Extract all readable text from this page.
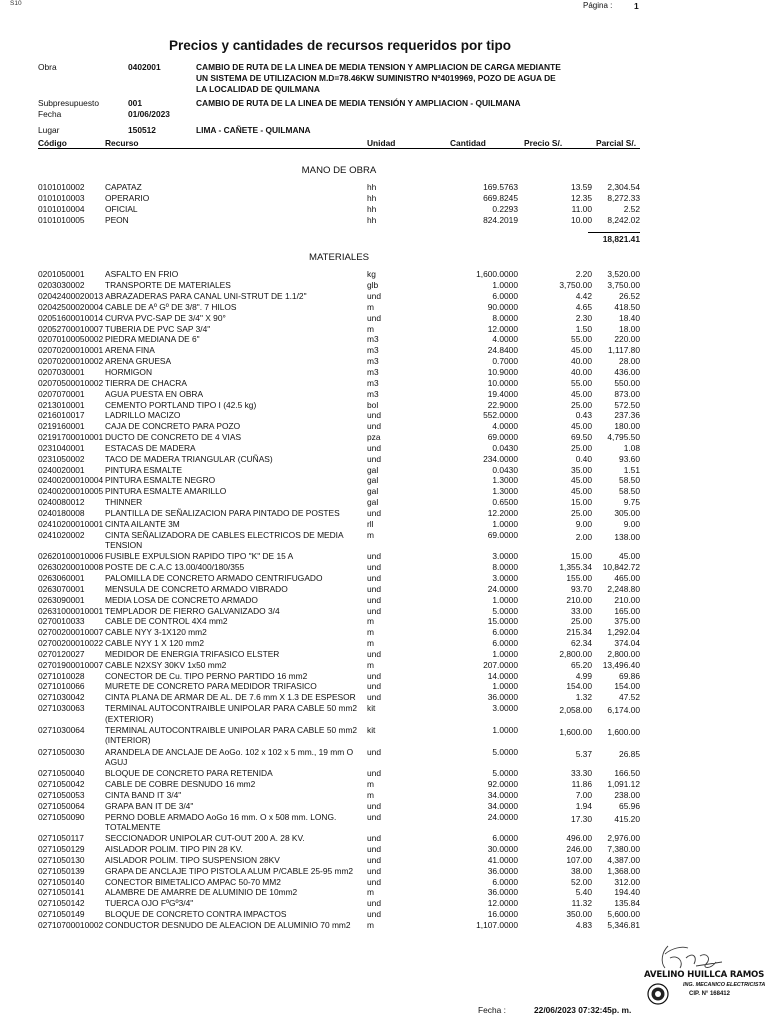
S10	Página :	1
Precios y cantidades de recursos requeridos por tipo
Obra	0402001	CAMBIO DE RUTA DE LA LINEA DE MEDIA TENSION Y AMPLIACION DE CARGA MEDIANTE UN SISTEMA DE UTILIZACION M.D=78.46KW SUMINISTRO Nº4019969, POZO DE AGUA DE LA LOCALIDAD DE QUILMANA
Subpresupuesto	001	CAMBIO DE RUTA DE LA LINEA DE MEDIA TENSIÓN Y AMPLIACION - QUILMANA
Fecha	01/06/2023
Lugar	150512	LIMA - CAÑETE - QUILMANA
Código	Recurso	Unidad	Cantidad	Precio S/.	Parcial S/.
MANO DE OBRA
0101010002	CAPATAZ	hh	169.5763	13.59 2,304.54
0101010003	OPERARIO	hh	669.8245	12.35 8,272.33
0101010004	OFICIAL	hh	0.2293	11.00	2.52
0101010005	PEON	hh	824.2019	10.00 8,242.02
18,821.41
MATERIALES
0201050001	ASFALTO EN FRIO	kg	1,600.0000	2.20 3,520.00
0203030002	TRANSPORTE DE MATERIALES	glb	1.0000	3,750.00 3,750.00
02042400020013 ABRAZADERAS PARA CANAL UNI-STRUT DE 1.1/2"	und	6.0000	4.42	26.52
02042500020004 CABLE DE Aº Gº DE 3/8". 7 HILOS	m	90.0000	4.65	418.50
02051600010014 CURVA PVC-SAP DE 3/4" X 90°	und	8.0000	2.30	18.40
02052700010007 TUBERIA DE PVC SAP 3/4"	m	12.0000	1.50	18.00
02070100050002 PIEDRA MEDIANA DE 6"	m3	4.0000	55.00	220.00
02070200010001 ARENA FINA	m3	24.8400	45.00 1,117.80
02070200010002 ARENA GRUESA	m3	0.7000	40.00	28.00
0207030001	HORMIGON	m3	10.9000	40.00	436.00
02070500010002 TIERRA DE CHACRA	m3	10.0000	55.00	550.00
0207070001	AGUA PUESTA EN OBRA	m3	19.4000	45.00	873.00
0213010001	CEMENTO PORTLAND TIPO I (42.5 kg)	bol	22.9000	25.00	572.50
0216010017	LADRILLO MACIZO	und	552.0000	0.43	237.36
0219160001	CAJA DE CONCRETO PARA POZO	und	4.0000	45.00	180.00
02191700010001 DUCTO DE CONCRETO DE 4 VIAS	pza	69.0000	69.50 4,795.50
0231040001	ESTACAS DE MADERA	und	0.0430	25.00	1.08
0231050002	TACO DE MADERA TRIANGULAR (CUÑAS)	und	234.0000	0.40	93.60
0240020001	PINTURA ESMALTE	gal	0.0430	35.00	1.51
02400200010004 PINTURA ESMALTE NEGRO	gal	1.3000	45.00	58.50
02400200010005 PINTURA ESMALTE AMARILLO	gal	1.3000	45.00	58.50
0240080012	THINNER	gal	0.6500	15.00	9.75
0240180008	PLANTILLA DE SEÑALIZACION PARA PINTADO DE POSTES	und	12.2000	25.00	305.00
02410200010001 CINTA AILANTE 3M	rll	1.0000	9.00	9.00
0241020002	CINTA SEÑALIZADORA DE CABLES ELECTRICOS DE MEDIA TENSION
m	69.0000	2.00	138.00
02620100010006 FUSIBLE EXPULSION RAPIDO TIPO "K" DE 15 A	und	3.0000	15.00	45.00
02630200010008 POSTE DE C.A.C 13.00/400/180/355	und	8.0000	1,355.34 10,842.72
0263060001	PALOMILLA DE CONCRETO ARMADO CENTRIFUGADO	und	3.0000	155.00	465.00
0263070001	MENSULA DE CONCRETO ARMADO VIBRADO	und	24.0000	93.70 2,248.80
0263090001	MEDIA LOSA DE CONCRETO ARMADO	und	1.0000	210.00	210.00
02631000010001 TEMPLADOR DE FIERRO GALVANIZADO 3/4	und	5.0000	33.00	165.00
0270010033	CABLE DE CONTROL 4X4 mm2	m	15.0000	25.00	375.00
02700200010007 CABLE NYY 3-1X120 mm2	m	6.0000	215.34 1,292.04
02700200010022 CABLE NYY 1 X 120 mm2	m	6.0000	62.34	374.04
0270120027	MEDIDOR DE ENERGIA TRIFASICO ELSTER	und	1.0000	2,800.00 2,800.00
02701900010007 CABLE N2XSY 30KV 1x50 mm2	m	207.0000	65.20 13,496.40
0271010028	CONECTOR DE Cu. TIPO PERNO PARTIDO 16 mm2	und	14.0000	4.99	69.86
0271010066	MURETE DE CONCRETO PARA MEDIDOR TRIFASICO	und	1.0000	154.00	154.00
0271030042	CINTA PLANA DE ARMAR DE AL. DE 7.6 mm X 1.3 DE ESPESOR	und	36.0000	1.32	47.52
0271030063	TERMINAL AUTOCONTRAIBLE UNIPOLAR PARA CABLE 50 mm2 (EXTERIOR)
kit	3.0000	2,058.00 6,174.00
0271030064	TERMINAL AUTOCONTRAIBLE UNIPOLAR PARA CABLE 50 mm2 (INTERIOR)
kit	1.0000	1,600.00 1,600.00
0271050030	ARANDELA DE ANCLAJE DE AoGo. 102 x 102 x 5 mm., 19 mm O AGUJ
und	5.0000	5.37	26.85
0271050040	BLOQUE DE CONCRETO PARA RETENIDA	und	5.0000	33.30	166.50
0271050042	CABLE DE COBRE DESNUDO 16 mm2	m	92.0000	11.86 1,091.12
0271050053	CINTA BAND IT 3/4"	m	34.0000	7.00	238.00
0271050064	GRAPA BAN IT DE 3/4"	und	34.0000	1.94	65.96
0271050090	PERNO DOBLE ARMADO AoGo 16 mm. O x 508 mm. LONG. TOTALMENTE
und	24.0000	17.30	415.20
0271050117	SECCIONADOR UNIPOLAR CUT-OUT 200 A. 28 KV.	und	6.0000	496.00 2,976.00
0271050129	AISLADOR POLIM. TIPO PIN 28 KV.	und	30.0000	246.00 7,380.00
0271050130	AISLADOR POLIM. TIPO SUSPENSION 28KV	und	41.0000	107.00 4,387.00
0271050139	GRAPA DE ANCLAJE TIPO PISTOLA ALUM P/CABLE 25-95 mm2	und	36.0000	38.00 1,368.00
0271050140	CONECTOR BIMETALICO AMPAC 50-70 MM2	und	6.0000	52.00	312.00
0271050141	ALAMBRE DE AMARRE DE ALUMINIO DE 10mm2	m	36.0000	5.40	194.40
0271050142	TUERCA OJO FºGº3/4"	und	12.0000	11.32	135.84
0271050149	BLOQUE DE CONCRETO CONTRA IMPACTOS	und	16.0000	350.00 5,600.00
02710700010002 CONDUCTOR DESNUDO DE ALEACION DE ALUMINIO 70 mm2	m	1,107.0000	4.83 5,346.81
Fecha :	22/06/2023 07:32:45p. m.
AVELINO HUILLCA RAMOS
ING. MECANICO ELECTRICISTA
CIP. N° 168412
